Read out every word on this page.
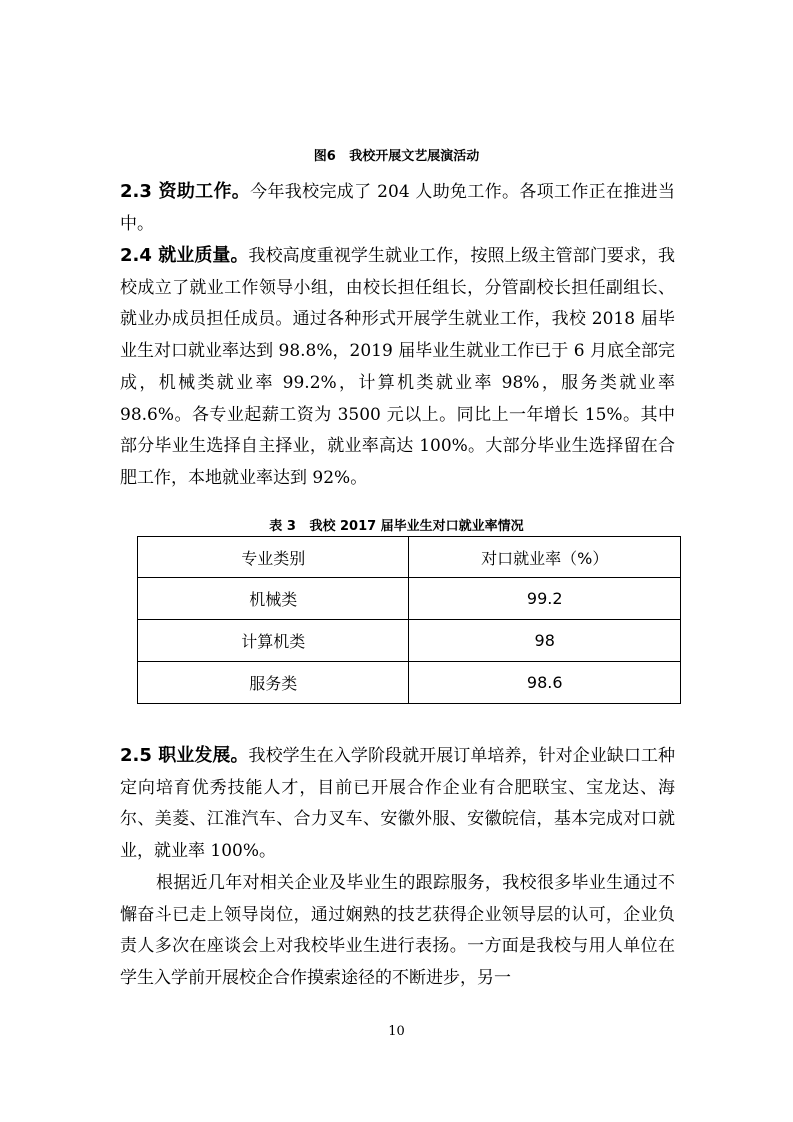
图6   我校开展文艺展演活动

2.3 资助工作。今年我校完成了 204 人助免工作。各项工作正在推进当中。

2.4 就业质量。我校高度重视学生就业工作，按照上级主管部门要求，我校成立了就业工作领导小组，由校长担任组长，分管副校长担任副组长、就业办成员担任成员。通过各种形式开展学生就业工作，我校 2018 届毕业生对口就业率达到 98.8%，2019 届毕业生就业工作已于 6 月底全部完成，机械类就业率 99.2%，计算机类就业率 98%，服务类就业率 98.6%。各专业起薪工资为 3500 元以上。同比上一年增长 15%。其中部分毕业生选择自主择业，就业率高达 100%。大部分毕业生选择留在合肥工作，本地就业率达到 92%。

表 3   我校 2017 届毕业生对口就业率情况
专业类别	对口就业率（%）
机械类	99.2
计算机类	98
服务类	98.6

2.5 职业发展。我校学生在入学阶段就开展订单培养，针对企业缺口工种定向培育优秀技能人才，目前已开展合作企业有合肥联宝、宝龙达、海尔、美菱、江淮汽车、合力叉车、安徽外服、安徽皖信，基本完成对口就业，就业率 100%。

根据近几年对相关企业及毕业生的跟踪服务，我校很多毕业生通过不懈奋斗已走上领导岗位，通过娴熟的技艺获得企业领导层的认可，企业负责人多次在座谈会上对我校毕业生进行表扬。一方面是我校与用人单位在学生入学前开展校企合作摸索途径的不断进步，另一

10
